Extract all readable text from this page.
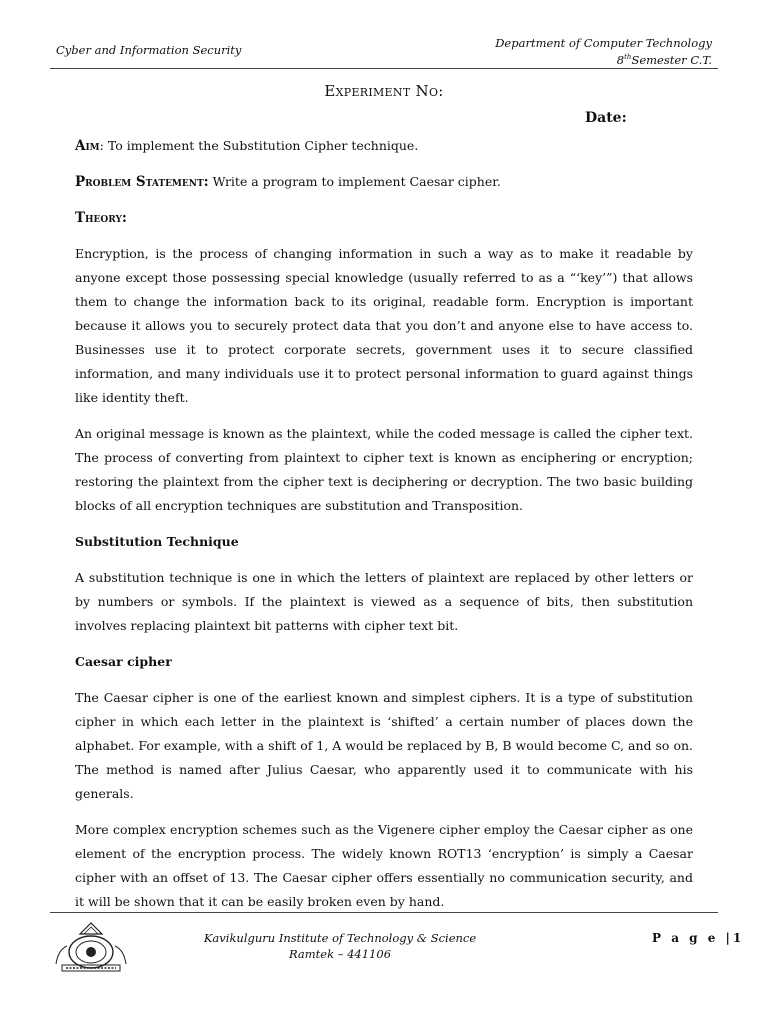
Cyber and Information Security	Department of Computer Technology
8thSemester C.T.
Experiment No:
Date:

Aim: To implement the Substitution Cipher technique.

Problem Statement: Write a program to implement Caesar cipher.

Theory:

Encryption, is the process of changing information in such a way as to make it readable by anyone except those possessing special knowledge (usually referred to as a “‘key’”) that allows them to change the information back to its original, readable form. Encryption is important because it allows you to securely protect data that you don’t and anyone else to have access to. Businesses use it to protect corporate secrets, government uses it to secure classified information, and many individuals use it to protect personal information to guard against things like identity theft.

An original message is known as the plaintext, while the coded message is called the cipher text. The process of converting from plaintext to cipher text is known as enciphering or encryption; restoring the plaintext from the cipher text is deciphering or decryption. The two basic building blocks of all encryption techniques are substitution and Transposition.

Substitution Technique

A substitution technique is one in which the letters of plaintext are replaced by other letters or by numbers or symbols. If the plaintext is viewed as a sequence of bits, then substitution involves replacing plaintext bit patterns with cipher text bit.

Caesar cipher

The Caesar cipher is one of the earliest known and simplest ciphers. It is a type of substitution cipher in which each letter in the plaintext is ‘shifted’ a certain number of places down the alphabet. For example, with a shift of 1, A would be replaced by B, B would become C, and so on. The method is named after Julius Caesar, who apparently used it to communicate with his generals.

More complex encryption schemes such as the Vigenere cipher employ the Caesar cipher as one element of the encryption process. The widely known ROT13 ‘encryption’ is simply a Caesar cipher with an offset of 13. The Caesar cipher offers essentially no communication security, and it will be shown that it can be easily broken even by hand.

Kavikulguru Institute of Technology & Science
Ramtek – 441106
P a g e |1
